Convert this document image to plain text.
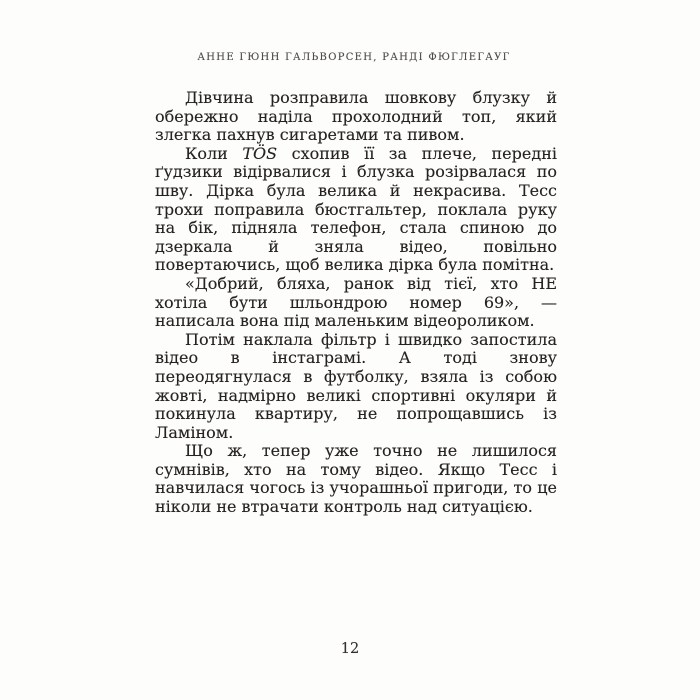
АННЕ ГЮНН ГАЛЬВОРСЕН, РАНДІ ФЮГЛЕГАУГ

Дівчина розправила шовкову блузку й обережно наділа прохолодний топ, який злегка пахнув сигаретами та пивом.

Коли TÖS схопив її за плече, передні ґудзики відірвалися і блузка розірвалася по шву. Дірка була велика й некрасива. Тесс трохи поправила бюстгальтер, поклала руку на бік, підняла телефон, стала спиною до дзеркала й зняла відео, повільно повертаючись, щоб велика дірка була помітна.

«Добрий, бляха, ранок від тієї, хто НЕ хотіла бути шльондрою номер 69», — написала вона під маленьким відеороликом.

Потім наклала фільтр і швидко запостила відео в інстаграмі. А тоді знову переодягнулася в футболку, взяла із собою жовті, надмірно великі спортивні окуляри й покинула квартиру, не попрощавшись із Ламіном.

Що ж, тепер уже точно не лишилося сумнівів, хто на тому відео. Якщо Тесс і навчилася чогось із учорашньої пригоди, то це ніколи не втрачати контроль над ситуацією.

12
